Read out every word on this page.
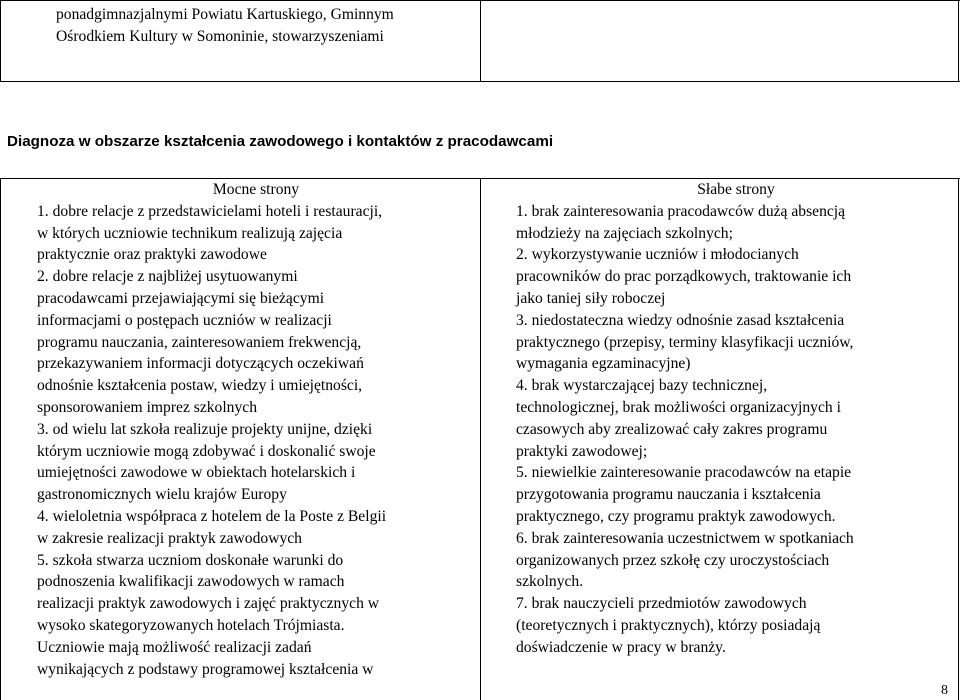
ponadgimnazjalnymi Powiatu Kartuskiego, Gminnym
Ośrodkiem Kultury w Somoninie, stowarzyszeniami
Diagnoza w obszarze kształcenia zawodowego i kontaktów z pracodawcami
Mocne strony
1. dobre relacje z przedstawicielami hoteli i restauracji,
w których uczniowie technikum realizują zajęcia
praktycznie oraz praktyki zawodowe
2. dobre relacje z najbliżej usytuowanymi
pracodawcami przejawiającymi się bieżącymi
informacjami o postępach uczniów w realizacji
programu nauczania, zainteresowaniem frekwencją,
przekazywaniem informacji dotyczących oczekiwań
odnośnie kształcenia postaw, wiedzy i umiejętności,
sponsorowaniem imprez szkolnych
3. od wielu lat szkoła realizuje projekty unijne, dzięki
którym uczniowie mogą zdobywać i doskonalić swoje
umiejętności zawodowe w obiektach hotelarskich i
gastronomicznych wielu krajów Europy
4. wieloletnia współpraca z hotelem de la Poste z Belgii
w zakresie realizacji praktyk zawodowych
5. szkoła stwarza uczniom doskonałe warunki do
podnoszenia kwalifikacji zawodowych w ramach
realizacji praktyk zawodowych i zajęć praktycznych w
wysoko skategoryzowanych hotelach Trójmiasta.
Uczniowie mają możliwość realizacji zadań
wynikających z podstawy programowej kształcenia w
Słabe strony
1. brak zainteresowania pracodawców dużą absencją
młodzieży na zajęciach szkolnych;
2. wykorzystywanie uczniów i młodocianych
pracowników do prac porządkowych, traktowanie ich
jako taniej siły roboczej
3. niedostateczna wiedzy odnośnie zasad kształcenia
praktycznego (przepisy, terminy klasyfikacji uczniów,
wymagania egzaminacyjne)
4. brak wystarczającej bazy technicznej,
technologicznej, brak możliwości organizacyjnych i
czasowych aby zrealizować cały zakres programu
praktyki zawodowej;
5. niewielkie zainteresowanie pracodawców na etapie
przygotowania programu nauczania i kształcenia
praktycznego, czy programu praktyk zawodowych.
6. brak zainteresowania uczestnictwem w spotkaniach
organizowanych przez szkołę czy uroczystościach
szkolnych.
7. brak nauczycieli przedmiotów zawodowych
(teoretycznych i praktycznych), którzy posiadają
doświadczenie w pracy w branży.
8
